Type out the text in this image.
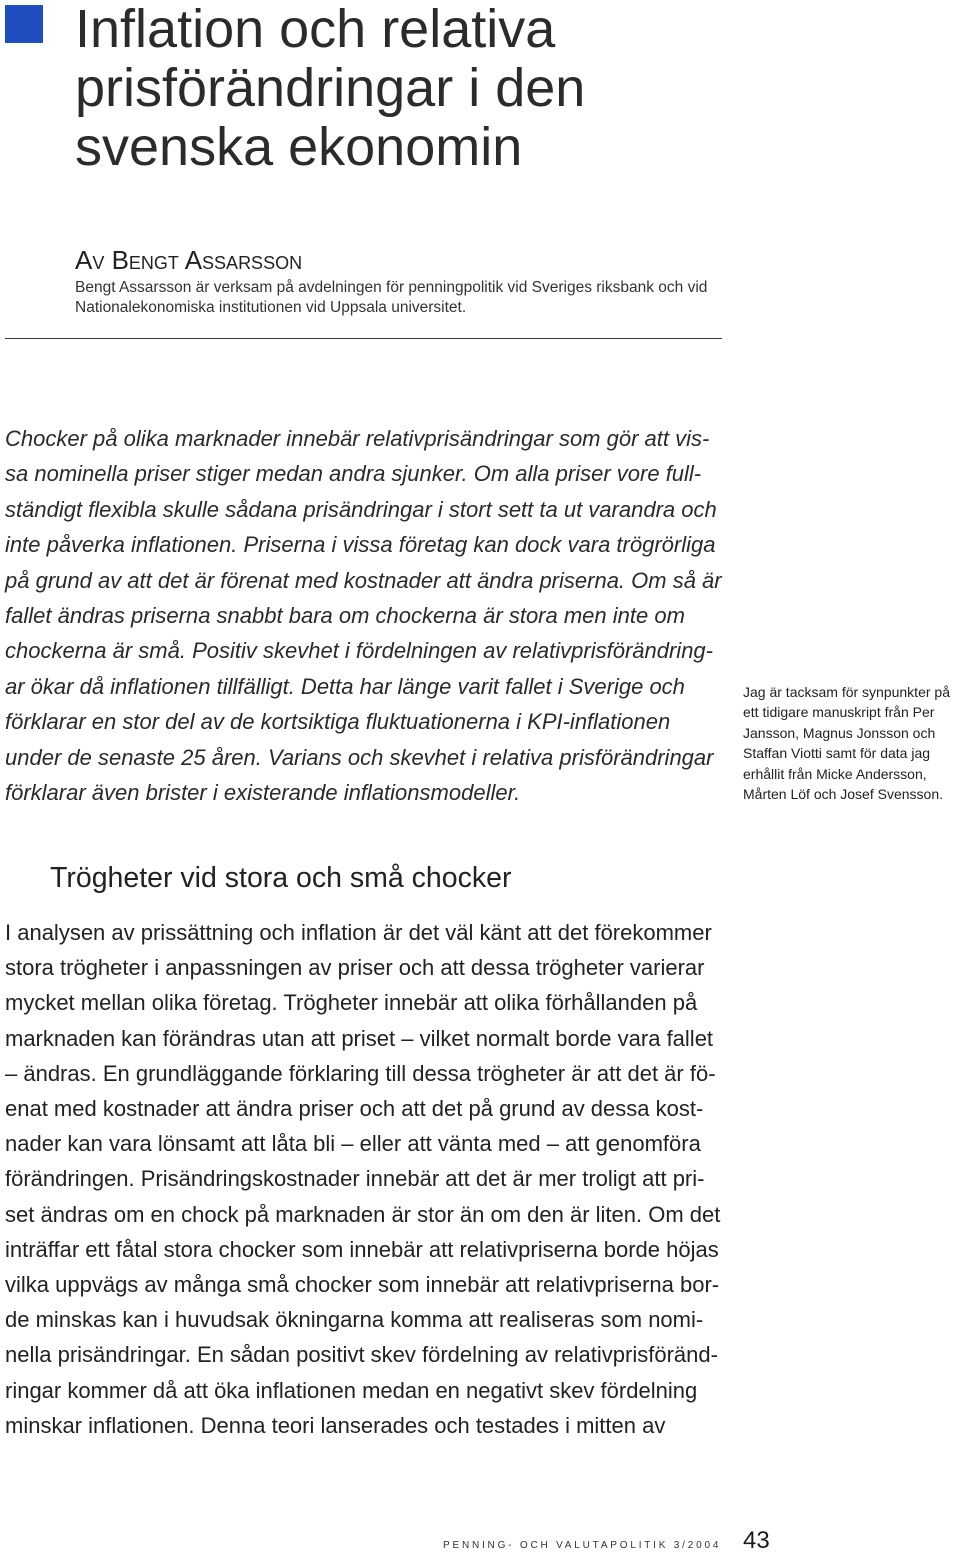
Inflation och relativa
prisförändringar i den
svenska ekonomin
Av Bengt Assarsson
Bengt Assarsson är verksam på avdelningen för penningpolitik vid Sveriges riksbank och vid
Nationalekonomiska institutionen vid Uppsala universitet.
Chocker på olika marknader innebär relativprisändringar som gör att vis-
sa nominella priser stiger medan andra sjunker. Om alla priser vore full-
ständigt flexibla skulle sådana prisändringar i stort sett ta ut varandra och
inte påverka inflationen. Priserna i vissa företag kan dock vara trögrörliga
på grund av att det är förenat med kostnader att ändra priserna. Om så är
fallet ändras priserna snabbt bara om chockerna är stora men inte om
chockerna är små. Positiv skevhet i fördelningen av relativprisförändring-
ar ökar då inflationen tillfälligt. Detta har länge varit fallet i Sverige och
förklarar en stor del av de kortsiktiga fluktuationerna i KPI-inflationen
under de senaste 25 åren. Varians och skevhet i relativa prisförändringar
förklarar även brister i existerande inflationsmodeller.
Jag är tacksam för synpunkter på
ett tidigare manuskript från Per
Jansson, Magnus Jonsson och
Staffan Viotti samt för data jag
erhållit från Micke Andersson,
Mårten Löf och Josef Svensson.
Trögheter vid stora och små chocker
I analysen av prissättning och inflation är det väl känt att det förekommer
stora trögheter i anpassningen av priser och att dessa trögheter varierar
mycket mellan olika företag. Trögheter innebär att olika förhållanden på
marknaden kan förändras utan att priset – vilket normalt borde vara fallet
– ändras. En grundläggande förklaring till dessa trögheter är att det är fö-
enat med kostnader att ändra priser och att det på grund av dessa kost-
nader kan vara lönsamt att låta bli – eller att vänta med – att genomföra
förändringen. Prisändringskostnader innebär att det är mer troligt att pri-
set ändras om en chock på marknaden är stor än om den är liten. Om det
inträffar ett fåtal stora chocker som innebär att relativpriserna borde höjas
vilka uppvägs av många små chocker som innebär att relativpriserna bor-
de minskas kan i huvudsak ökningarna komma att realiseras som nomi-
nella prisändringar. En sådan positivt skev fördelning av relativprisföränd-
ringar kommer då att öka inflationen medan en negativt skev fördelning
minskar inflationen. Denna teori lanserades och testades i mitten av
PENNING- OCH VALUTAPOLITIK 3/2004 43
